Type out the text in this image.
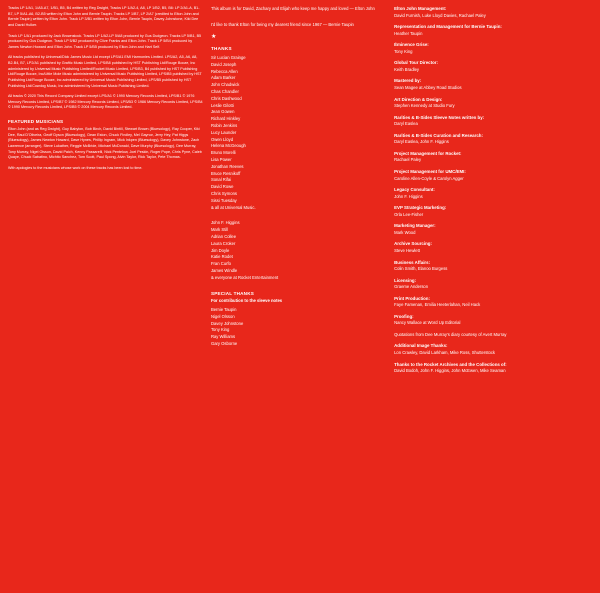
Tracks LP 1/A1, 1/A5-A7, 1/B1, B5, B4 written by Reg Dwight, Tracks LP 1/A2-4, A8, LP 1/B2, B5, B6: LP 2/A1-A, B1-B7, LP 5/A1-A6, B2-B5 written by Elton John and Bernie Taupin. Tracks LP 1/B7, LP 2/A7 (credited to Elton John and Bernie Taupin) written by Elton John. Track LP 3/B1 written by Elton John, Bernie Taupin, Davey Johnstone, Kiki Dee and David Hulker.

Track LP 1/A1 produced by Jack Brownstock. Tracks LP 1/A2-LP 5/A8 produced by Gus Dudgeon. Tracks LP 5/B1, B5 produced by Gus Dudgeon. Track LP 5/B2 produced by Clive Franks and Elton John. Track LP 5/B4 produced by James Newton Howard and Elton John. Track LP 5/B5 produced by Elton John and Hart Self.

All tracks published by Universal/Dick James Music Ltd except LPS/A1 EMI Harmonies Limited. LPS/A2, A5, A6, A8, B2-B4, B7, LP2/A1 published by Graftic Music Limited, LPS/B8 published by HST Publishing Ltd/Rouge Booze, Inc administered by Universal Music Publishing Limited/Rocket Music Limited, LPS/B3, B4 published by HST Publishing Ltd/Rouge Booze, Inc/Little Mole Music administered by Universal Music Publishing Limited, LPS/B5 published by HST Publishing Ltd/Rouge Booze, Inc administered by Universal Music Publishing Limited, LPS/B5 published by HST Publishing Ltd/Cowdog Music, Inc administered by Universal Music Publishing Limited.

All tracks © 2020 This Record Company Limited except LPS/A1 © 1990 Mercury Records Limited, LPS/B1 © 1976 Mercury Records Limited, LPS/B7 © 1982 Mercury Records Limited, LPS/B3 © 1986 Mercury Records Limited, LPS/B4 © 1990 Mercury Records Limited, LPS/B5 © 2004 Mercury Records Limited.

FEATURED MUSICIANS

Elton John (and as Reg Dwight), Guy Babylon, Bob Birch, David Bintill, Stewart Brown (Bluesology), Ray Cooper, Kiki Dee, Raul D'Oliveira, Geoff Dyson (Bluesology), Dean Eston, Chuck Findley, Mel Gaynor, Jerry Hey, Pat Higgs (Bluesology), James Newton Howard, Dave Hynes, Phillip Ingram, Mick Inkpen (Bluesology), Davey Johnstone, Zach Lawrence (arranger), Steve Lukather, Reggie McBride, Michael McDonald, Dave Murphy (Bluesology), Dee Murray, Tony Murray, Nigel Olsson, David Paich, Kenny Passarelli, Nick Pentelow, Joel Peskin, Roger Pope, Chris Pyne, Caleb Quaye, Chuck Sabatino, Michito Sanchez, Tom Scott, Paul Spong, Alvin Taylor, Rick Taylor, Pete Thomas.

With apologies to the musicians whose work on these tracks has been lost to time.

This album is for David, Zachary and Elijah who keep me happy and loved — Elton John

I'd like to thank Elton for being my dearest friend since 1967 — Bernie Taupin

★
THANKS
Sir Lucian Grainge
David Joseph
Rebecca Allen
Adam Barker
John Chadwick
Chas Chandler
Chris Dashwood
Leslie Gilotti
Jean Gowen
Richard Hinkley
Robin Jenkins
Lucy Launder
Owen Lloyd
Helena McGeough
Bruno Morelli
Lisa Power
Jonathan Reeves
Bruce Resnikoff
Sonal Rifai
David Rowe
Chris Symons
Sissi Tuesday
& all at Universal Music.
John F. Higgins
Mark Still
Adrian Collee
Laura Croker
Jim Doyle
Katie Rodet
Fran Curfo
James Windle
& everyone at Rocket Entertainment
SPECIAL THANKS
For contribution to the sleeve notes
Bernie Taupin
Nigel Olsson
Davey Johnstone
Tony King
Ray Williams
Gary Osborne
Elton John Management:
David Furnish, Luke Lloyd Davies, Rachael Paley
Representation and Management for Bernie Taupin:
Heather Taupin
Éminence Grise:
Tony King
Global Tour Director:
Keith Bradley
Mastered by:
Sean Magee at Abbey Road Studios
Art Direction & Design:
Stephen Kennedy at Studio Fury
Rarities & B-Sides Sleeve Notes written by:
Daryl Easlea
Rarities & B-Sides Curation and Research:
Daryl Easlea, John F. Higgins
Project Management for Rocket:
Rachael Paley
Project Management for UMC/EMI:
Caroline Allen-Coyle & Carolyn Agger
Legacy Consultant:
John F. Higgins
EVP Strategic Marketing:
Orla Lee-Fisher
Marketing Manager:
Mark Wood
Archive Sourcing:
Steve Hewlett
Business Affairs:
Colin Smith, Elanoo Burgess
Licensing:
Graeme Anderson
Print Production:
Faye Famenan, Emilia Heeterlahan, Neil Hack
Proofing:
Nancy Wallace at Word Up Editorial
Quotations from Dee Murray's diary courtesy of Avert Murray
Additional Image Thanks:
Lon Crawley, David Larkham, Mike Ross, Shutterstock
Thanks to the Rocket Archives and the Collections of:
David Bodoh, John F. Higgins, John McEwen, Mike Seaman
